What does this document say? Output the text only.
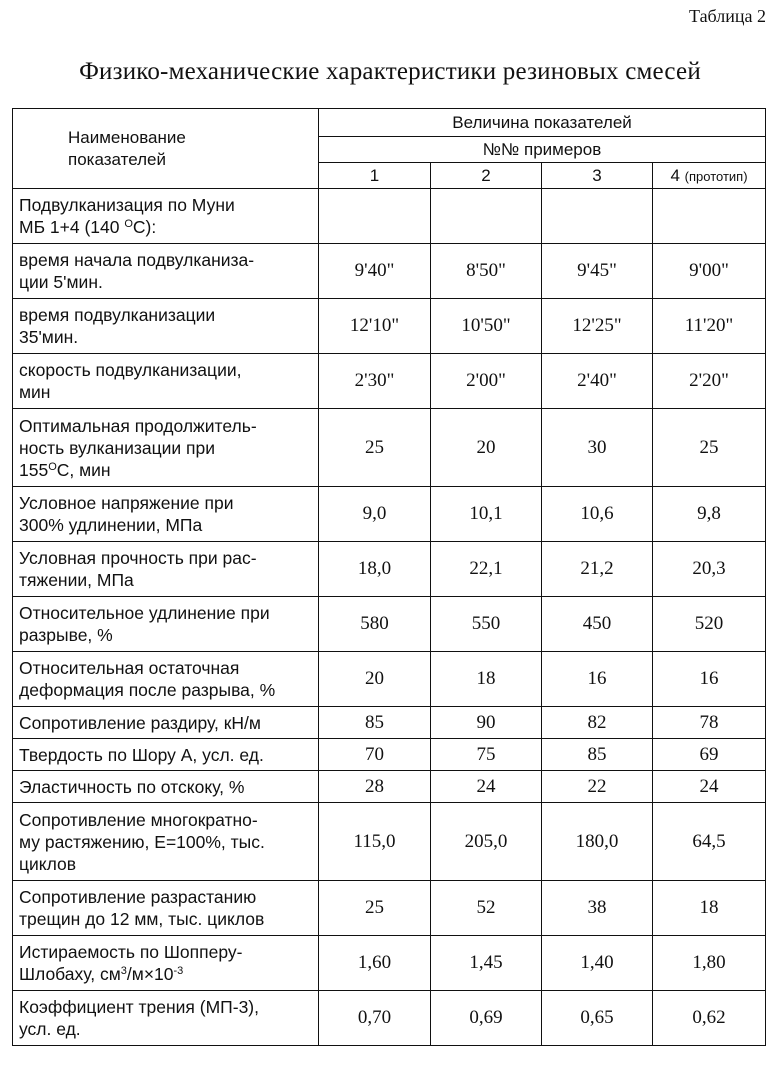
Таблица 2
Физико-механические характеристики резиновых смесей
Наименование
показателей	Величина показателей			
	№№ примеров			
	1	2	3	4 (прототип)
Подвулканизация по Муни
МБ 1+4 (140 $^O$С):				
время начала подвулканиза-
ции 5'мин.	9'40"	8'50"	9'45"	9'00"
время подвулканизации
35'мин.	12'10"	10'50"	12'25"	11'20"
скорость подвулканизации,
мин	2'30"	2'00"	2'40"	2'20"
Оптимальная продолжитель-
ность вулканизации при
$155^OС$, мин	25	20	30	25
Условное напряжение при
300% удлинении, МПа	9,0	10,1	10,6	9,8
Условная прочность при рас-
тяжении, МПа	18,0	22,1	21,2	20,3
Относительное удлинение при
разрыве, %	580	550	450	520
Относительная остаточная
деформация после разрыва, %	20	18	16	16
Сопротивление раздиру, кН/м	85	90	82	78
Твердость по Шору А, усл. ед.	70	75	85	69
Эластичность по отскоку, %	28	24	22	24
Сопротивление многократно-
му растяжению, Е=100%, тыс.
циклов	115,0	205,0	180,0	64,5
Сопротивление разрастанию
трещин до 12 мм, тыс. циклов	25	52	38	18
Истираемость по Шопперу-
Шлобаху, $см^3/м\times 10^{-3}$	1,60	1,45	1,40	1,80
Коэффициент трения (МП-3),
усл. ед.	0,70	0,69	0,65	0,62
